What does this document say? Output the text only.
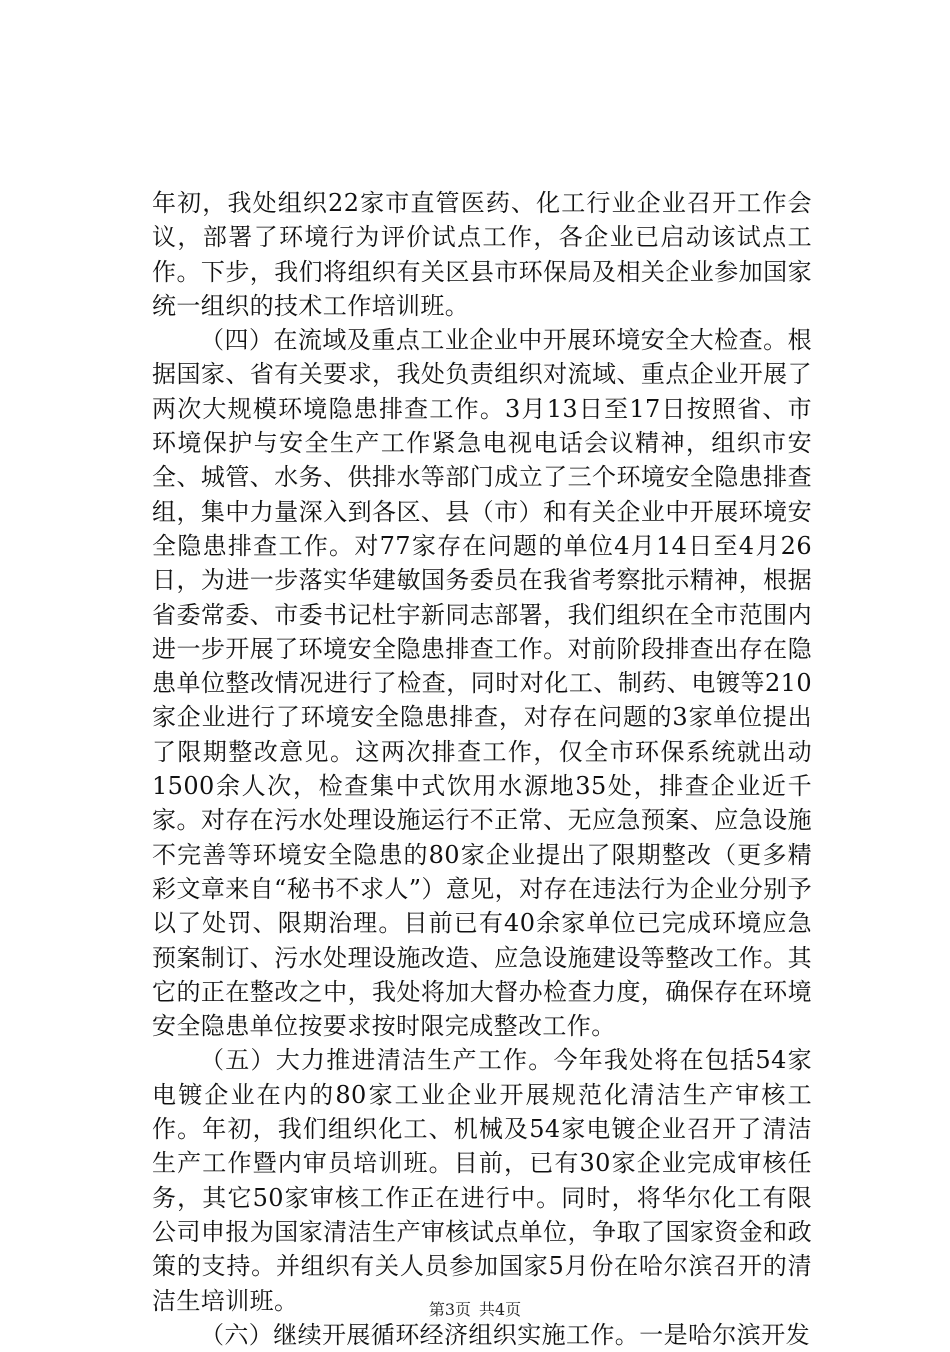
年初，我处组织22家市直管医药、化工行业企业召开工作会议，部署了环境行为评价试点工作，各企业已启动该试点工作。下步，我们将组织有关区县市环保局及相关企业参加国家统一组织的技术工作培训班。

（四）在流域及重点工业企业中开展环境安全大检查。根据国家、省有关要求，我处负责组织对流域、重点企业开展了两次大规模环境隐患排查工作。3月13日至17日按照省、市环境保护与安全生产工作紧急电视电话会议精神，组织市安全、城管、水务、供排水等部门成立了三个环境安全隐患排查组，集中力量深入到各区、县（市）和有关企业中开展环境安全隐患排查工作。对77家存在问题的单位4月14日至4月26日，为进一步落实华建敏国务委员在我省考察批示精神，根据省委常委、市委书记杜宇新同志部署，我们组织在全市范围内进一步开展了环境安全隐患排查工作。对前阶段排查出存在隐患单位整改情况进行了检查，同时对化工、制药、电镀等210家企业进行了环境安全隐患排查，对存在问题的3家单位提出了限期整改意见。这两次排查工作，仅全市环保系统就出动1500余人次，检查集中式饮用水源地35处，排查企业近千家。对存在污水处理设施运行不正常、无应急预案、应急设施不完善等环境安全隐患的80家企业提出了限期整改（更多精彩文章来自“秘书不求人”）意见，对存在违法行为企业分别予以了处罚、限期治理。目前已有40余家单位已完成环境应急预案制订、污水处理设施改造、应急设施建设等整改工作。其它的正在整改之中，我处将加大督办检查力度，确保存在环境安全隐患单位按要求按时限完成整改工作。

（五）大力推进清洁生产工作。今年我处将在包括54家电镀企业在内的80家工业企业开展规范化清洁生产审核工作。年初，我们组织化工、机械及54家电镀企业召开了清洁生产工作暨内审员培训班。目前，已有30家企业完成审核任务，其它50家审核工作正在进行中。同时，将华尔化工有限公司申报为国家清洁生产审核试点单位，争取了国家资金和政策的支持。并组织有关人员参加国家5月份在哈尔滨召开的清洁生培训班。

（六）继续开展循环经济组织实施工作。一是哈尔滨开发

第3页 共4页
